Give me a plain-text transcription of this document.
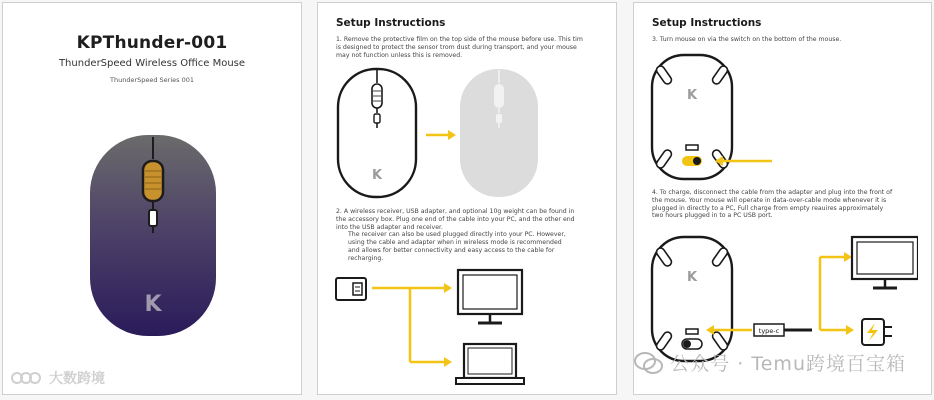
KPThunder-001
ThunderSpeed Wireless Office Mouse
ThunderSpeed Series 001
K
大数跨境
Setup Instructions
1. Remove the protective film on the top side of the mouse before use. This tim
is designed to protect the sensor trom dust during transport, and your mouse
may not function unless this is removed.
K
2. A wireless receiver, USB adapter, and optional 10g weight can be found in
the accessory box. Plug one end of the cable into your PC, and the other end
into the USB adapter and receiver.
The receiver can also be used plugged directly into your PC. However,
using the cable and adapter when in wireless mode is recommended
and allows for better connectivity and easy access to the cable for
recharging.
Setup Instructions
3. Turn mouse on via the switch on the bottom of the mouse.
K
4. To charge, disconnect the cable from the adapter and plug into the front of
the mouse. Your mouse will operate in data-over-cable mode whenever it is
plugged in directly to a PC, Full charge from empty reauires approximately
two hours plugged in to a PC USB port.
K
type-c
公众号 · Temu跨境百宝箱
